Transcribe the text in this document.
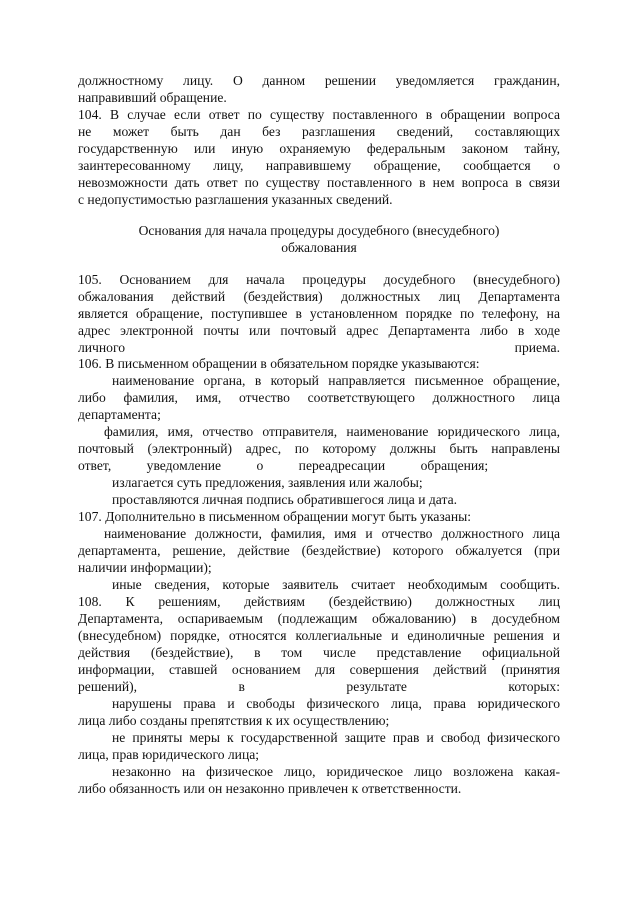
должностному лицу. О данном решении уведомляется гражданин,
направивший обращение.
104. В случае если ответ по существу поставленного в обращении вопроса
не может быть дан без разглашения сведений, составляющих
государственную или иную охраняемую федеральным законом тайну,
заинтересованному лицу, направившему обращение, сообщается о
невозможности дать ответ по существу поставленного в нем вопроса в связи
с недопустимостью разглашения указанных сведений.
Основания для начала процедуры досудебного (внесудебного)
обжалования
105. Основанием для начала процедуры досудебного (внесудебного)
обжалования действий (бездействия) должностных лиц Департамента
является обращение, поступившее в установленном порядке по телефону, на
адрес электронной почты или почтовый адрес Департамента либо в ходе
личного приема.
106. В письменном обращении в обязательном порядке указываются:
наименование органа, в который направляется письменное обращение,
либо фамилия, имя, отчество соответствующего должностного лица
департамента;
фамилия, имя, отчество отправителя, наименование юридического лица,
почтовый (электронный) адрес, по которому должны быть направлены
ответ, уведомление о переадресации обращения;
излагается суть предложения, заявления или жалобы;
проставляются личная подпись обратившегося лица и дата.
107. Дополнительно в письменном обращении могут быть указаны:
наименование должности, фамилия, имя и отчество должностного лица
департамента, решение, действие (бездействие) которого обжалуется (при
наличии информации);
иные сведения, которые заявитель считает необходимым сообщить.
108. К решениям, действиям (бездействию) должностных лиц
Департамента, оспариваемым (подлежащим обжалованию) в досудебном
(внесудебном) порядке, относятся коллегиальные и единоличные решения и
действия (бездействие), в том числе представление официальной
информации, ставшей основанием для совершения действий (принятия
решений), в результате которых:
нарушены права и свободы физического лица, права юридического
лица либо созданы препятствия к их осуществлению;
не приняты меры к государственной защите прав и свобод физического
лица, прав юридического лица;
незаконно на физическое лицо, юридическое лицо возложена какая-
либо обязанность или он незаконно привлечен к ответственности.
